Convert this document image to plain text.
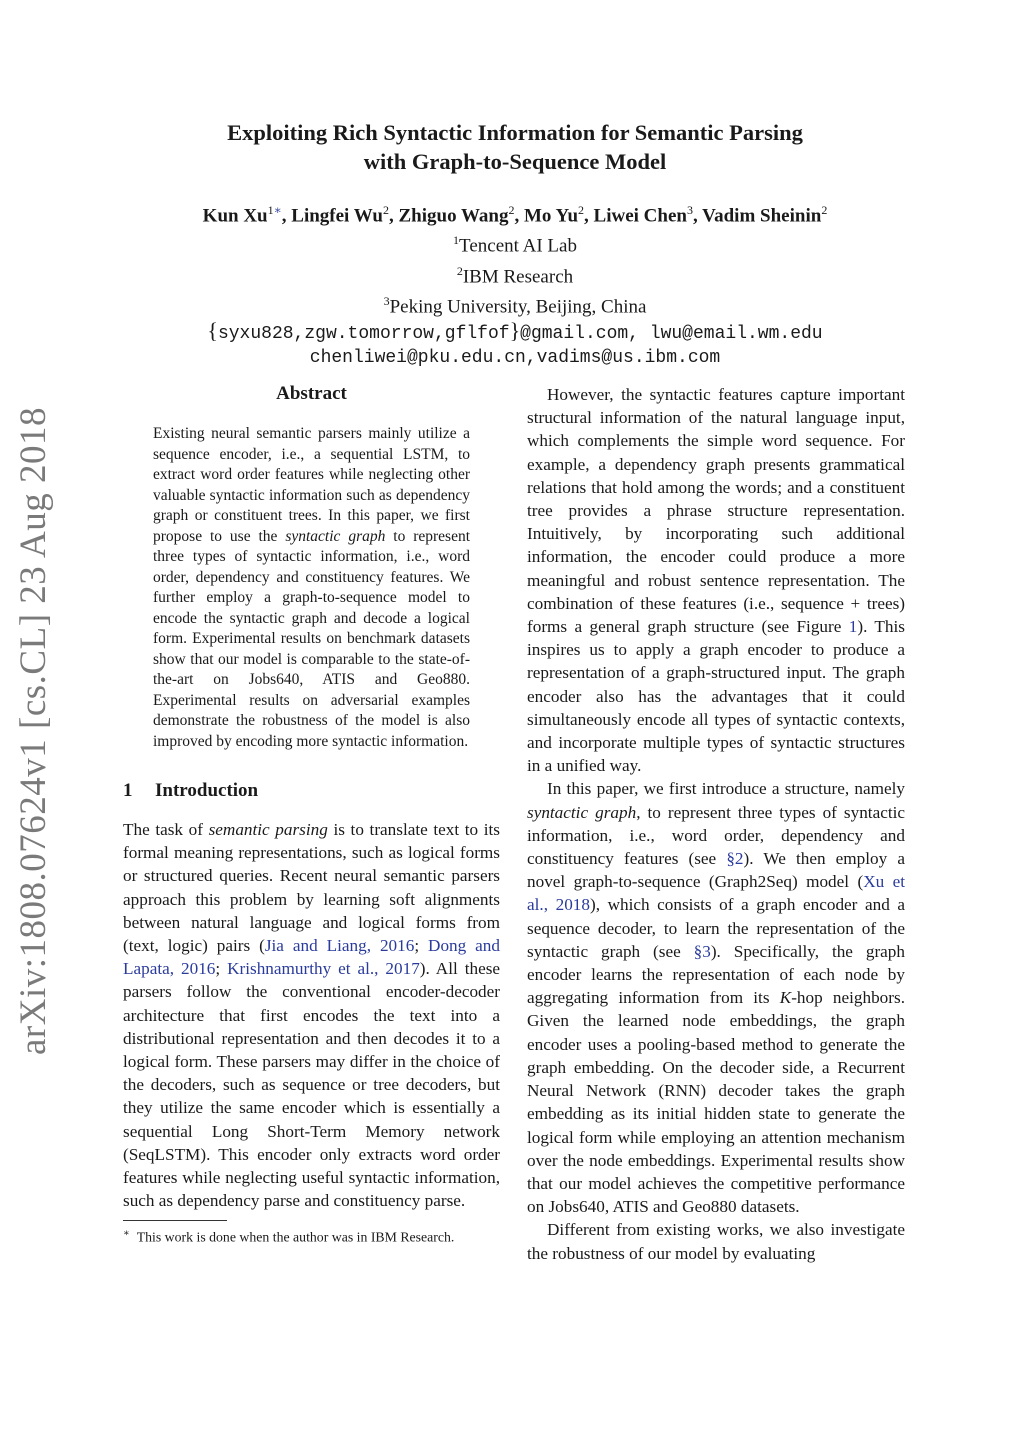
arXiv:1808.07624v1 [cs.CL] 23 Aug 2018
Exploiting Rich Syntactic Information for Semantic Parsing
with Graph-to-Sequence Model
Kun $Xu^{1∗}$, Lingfei Wu$^2$, Zhiguo Wang$^2$, Mo Yu$^2$, Liwei Chen$^3$, Vadim Sheinin$^2$
$^1$Tencent AI Lab
$^2$IBM Research
$^3$Peking University, Beijing, China
{syxu828,zgw.tomorrow,gflfof}@gmail.com, lwu@email.wm.edu
chenliwei@pku.edu.cn,vadims@us.ibm.com
Abstract

Existing neural semantic parsers mainly utilize a sequence encoder, i.e., a sequential LSTM, to extract word order features while neglecting other valuable syntactic information such as dependency graph or constituent trees. In this paper, we first propose to use the syntactic graph to represent three types of syntactic information, i.e., word order, dependency and constituency features. We further employ a graph-to-sequence model to encode the syntactic graph and decode a logical form. Experimental results on benchmark datasets show that our model is comparable to the state-of-the-art on Jobs640, ATIS and Geo880. Experimental results on adversarial examples demonstrate the robustness of the model is also improved by encoding more syntactic information.

1 Introduction

The task of semantic parsing is to translate text to its formal meaning representations, such as logical forms or structured queries. Recent neural semantic parsers approach this problem by learning soft alignments between natural language and logical forms from (text, logic) pairs (Jia and Liang, 2016; Dong and Lapata, 2016; Krishnamurthy et al., 2017). All these parsers follow the conventional encoder-decoder architecture that first encodes the text into a distributional representation and then decodes it to a logical form. These parsers may differ in the choice of the decoders, such as sequence or tree decoders, but they utilize the same encoder which is essentially a sequential Long Short-Term Memory network (SeqLSTM). This encoder only extracts word order features while neglecting useful syntactic information, such as dependency parse and constituency parse.

∗ This work is done when the author was in IBM Research.

However, the syntactic features capture important structural information of the natural language input, which complements the simple word sequence. For example, a dependency graph presents grammatical relations that hold among the words; and a constituent tree provides a phrase structure representation. Intuitively, by incorporating such additional information, the encoder could produce a more meaningful and robust sentence representation. The combination of these features (i.e., sequence + trees) forms a general graph structure (see Figure 1). This inspires us to apply a graph encoder to produce a representation of a graph-structured input. The graph encoder also has the advantages that it could simultaneously encode all types of syntactic contexts, and incorporate multiple types of syntactic structures in a unified way.

In this paper, we first introduce a structure, namely syntactic graph, to represent three types of syntactic information, i.e., word order, dependency and constituency features (see §2). We then employ a novel graph-to-sequence (Graph2Seq) model (Xu et al., 2018), which consists of a graph encoder and a sequence decoder, to learn the representation of the syntactic graph (see §3). Specifically, the graph encoder learns the representation of each node by aggregating information from its K-hop neighbors. Given the learned node embeddings, the graph encoder uses a pooling-based method to generate the graph embedding. On the decoder side, a Recurrent Neural Network (RNN) decoder takes the graph embedding as its initial hidden state to generate the logical form while employing an attention mechanism over the node embeddings. Experimental results show that our model achieves the competitive performance on Jobs640, ATIS and Geo880 datasets.

Different from existing works, we also investigate the robustness of our model by evaluating
